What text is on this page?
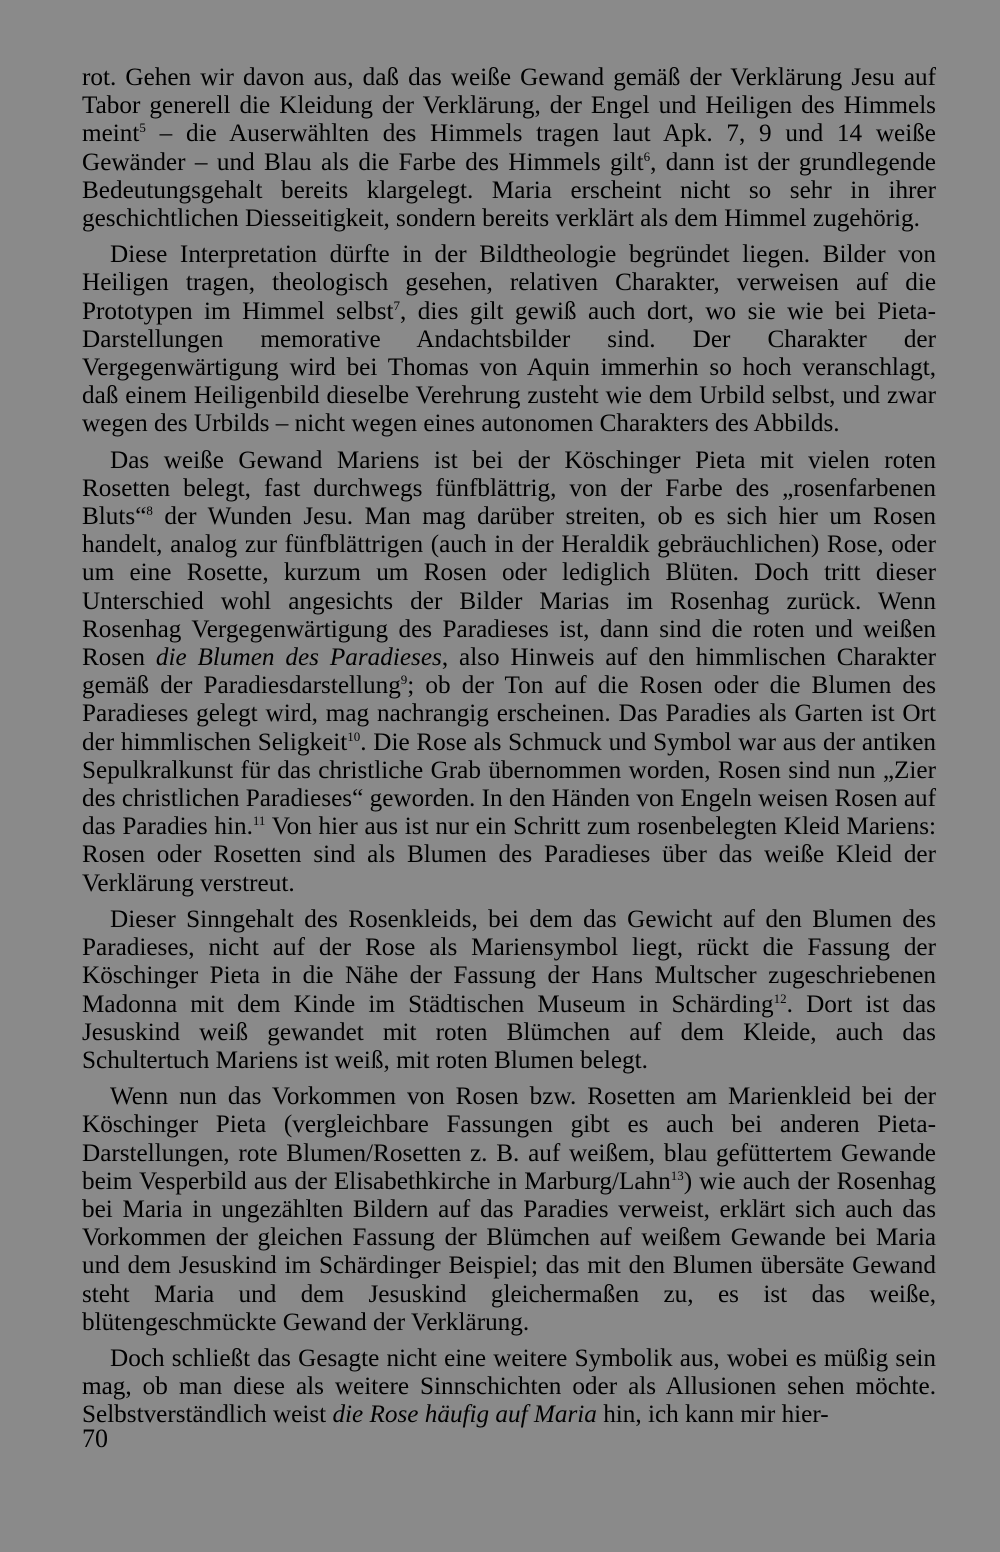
rot. Gehen wir davon aus, daß das weiße Gewand gemäß der Verklärung Jesu auf Tabor generell die Kleidung der Verklärung, der Engel und Heiligen des Himmels meint$^5$ – die Auserwählten des Himmels tragen laut Apk. 7, 9 und 14 weiße Gewänder – und Blau als die Farbe des Himmels gilt$^6$, dann ist der grundlegende Bedeutungsgehalt bereits klargelegt. Maria erscheint nicht so sehr in ihrer geschichtlichen Diesseitigkeit, sondern bereits verklärt als dem Himmel zugehörig.

Diese Interpretation dürfte in der Bildtheologie begründet liegen. Bilder von Heiligen tragen, theologisch gesehen, relativen Charakter, verweisen auf die Prototypen im Himmel selbst$^7$, dies gilt gewiß auch dort, wo sie wie bei Pieta-Darstellungen memorative Andachtsbilder sind. Der Charakter der Vergegenwärtigung wird bei Thomas von Aquin immerhin so hoch veranschlagt, daß einem Heiligenbild dieselbe Verehrung zusteht wie dem Urbild selbst, und zwar wegen des Urbilds – nicht wegen eines autonomen Charakters des Abbilds.

Das weiße Gewand Mariens ist bei der Köschinger Pieta mit vielen roten Rosetten belegt, fast durchwegs fünfblättrig, von der Farbe des „rosenfarbenen Bluts“$^8$ der Wunden Jesu. Man mag darüber streiten, ob es sich hier um Rosen handelt, analog zur fünfblättrigen (auch in der Heraldik gebräuchlichen) Rose, oder um eine Rosette, kurzum um Rosen oder lediglich Blüten. Doch tritt dieser Unterschied wohl angesichts der Bilder Marias im Rosenhag zurück. Wenn Rosenhag Vergegenwärtigung des Paradieses ist, dann sind die roten und weißen Rosen die Blumen des Paradieses, also Hinweis auf den himmlischen Charakter gemäß der Paradiesdarstellung$^9$; ob der Ton auf die Rosen oder die Blumen des Paradieses gelegt wird, mag nachrangig erscheinen. Das Paradies als Garten ist Ort der himmlischen Seligkeit$^{10}$. Die Rose als Schmuck und Symbol war aus der antiken Sepulkralkunst für das christliche Grab übernommen worden, Rosen sind nun „Zier des christlichen Paradieses“ geworden. In den Händen von Engeln weisen Rosen auf das Paradies hin.$^{11}$ Von hier aus ist nur ein Schritt zum rosenbelegten Kleid Mariens: Rosen oder Rosetten sind als Blumen des Paradieses über das weiße Kleid der Verklärung verstreut.

Dieser Sinngehalt des Rosenkleids, bei dem das Gewicht auf den Blumen des Paradieses, nicht auf der Rose als Mariensymbol liegt, rückt die Fassung der Köschinger Pieta in die Nähe der Fassung der Hans Multscher zugeschriebenen Madonna mit dem Kinde im Städtischen Museum in Schärding$^{12}$. Dort ist das Jesuskind weiß gewandet mit roten Blümchen auf dem Kleide, auch das Schultertuch Mariens ist weiß, mit roten Blumen belegt.

Wenn nun das Vorkommen von Rosen bzw. Rosetten am Marienkleid bei der Köschinger Pieta (vergleichbare Fassungen gibt es auch bei anderen Pieta-Darstellungen, rote Blumen/Rosetten z. B. auf weißem, blau gefüttertem Gewande beim Vesperbild aus der Elisabethkirche in Marburg/Lahn$^{13}$) wie auch der Rosenhag bei Maria in ungezählten Bildern auf das Paradies verweist, erklärt sich auch das Vorkommen der gleichen Fassung der Blümchen auf weißem Gewande bei Maria und dem Jesuskind im Schärdinger Beispiel; das mit den Blumen übersäte Gewand steht Maria und dem Jesuskind gleichermaßen zu, es ist das weiße, blütengeschmückte Gewand der Verklärung.

Doch schließt das Gesagte nicht eine weitere Symbolik aus, wobei es müßig sein mag, ob man diese als weitere Sinnschichten oder als Allusionen sehen möchte. Selbstverständlich weist die Rose häufig auf Maria hin, ich kann mir hier-

70
